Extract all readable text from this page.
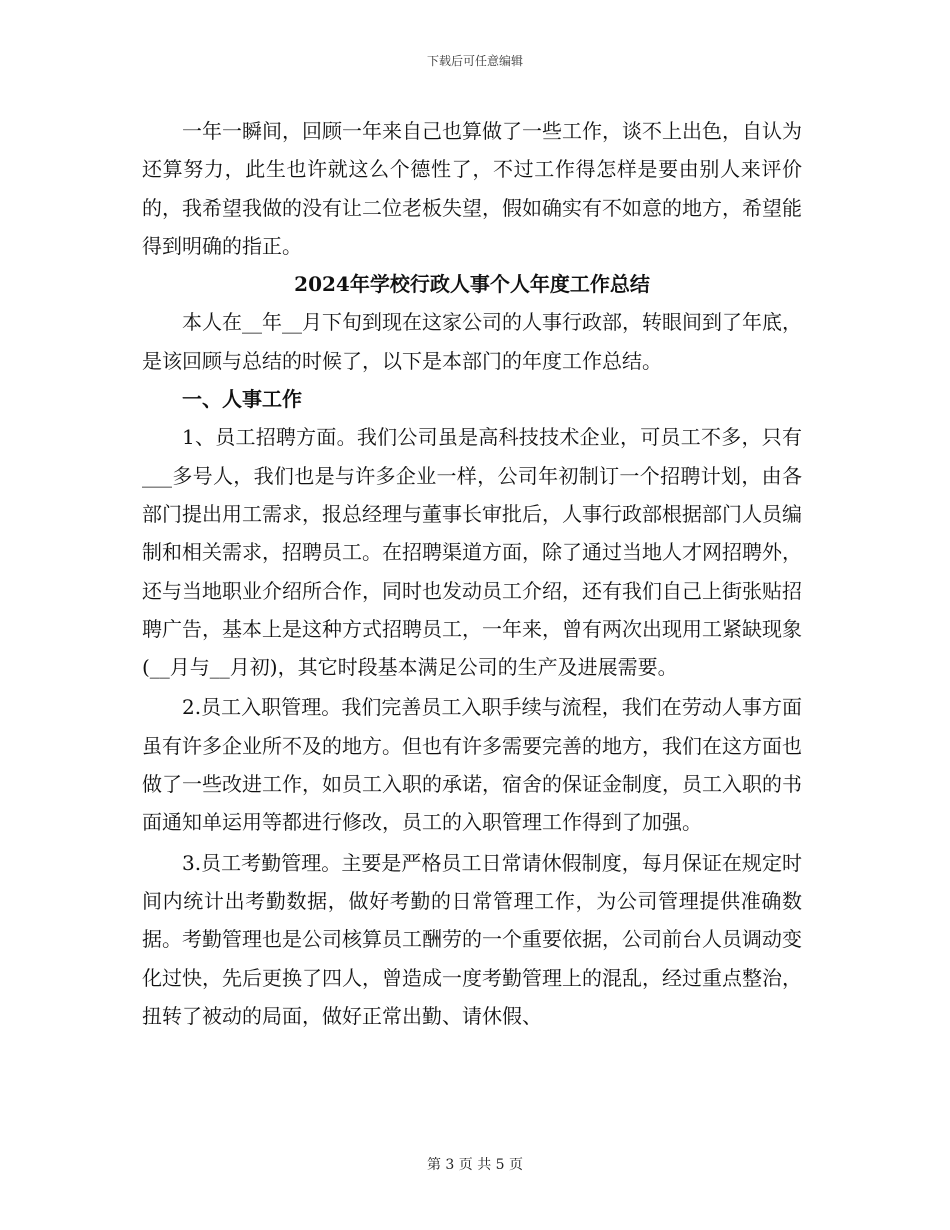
下载后可任意编辑

一年一瞬间，回顾一年来自己也算做了一些工作，谈不上出色，自认为还算努力，此生也许就这么个德性了，不过工作得怎样是要由别人来评价的，我希望我做的没有让二位老板失望，假如确实有不如意的地方，希望能得到明确的指正。

2024年学校行政人事个人年度工作总结

本人在__年__月下旬到现在这家公司的人事行政部，转眼间到了年底，是该回顾与总结的时候了，以下是本部门的年度工作总结。

一、人事工作

1、员工招聘方面。我们公司虽是高科技技术企业，可员工不多，只有___多号人，我们也是与许多企业一样，公司年初制订一个招聘计划，由各部门提出用工需求，报总经理与董事长审批后，人事行政部根据部门人员编制和相关需求，招聘员工。在招聘渠道方面，除了通过当地人才网招聘外，还与当地职业介绍所合作，同时也发动员工介绍，还有我们自己上街张贴招聘广告，基本上是这种方式招聘员工，一年来，曾有两次出现用工紧缺现象(__月与__月初)，其它时段基本满足公司的生产及进展需要。

2.员工入职管理。我们完善员工入职手续与流程，我们在劳动人事方面虽有许多企业所不及的地方。但也有许多需要完善的地方，我们在这方面也做了一些改进工作，如员工入职的承诺，宿舍的保证金制度，员工入职的书面通知单运用等都进行修改，员工的入职管理工作得到了加强。

3.员工考勤管理。主要是严格员工日常请休假制度，每月保证在规定时间内统计出考勤数据，做好考勤的日常管理工作，为公司管理提供准确数据。考勤管理也是公司核算员工酬劳的一个重要依据，公司前台人员调动变化过快，先后更换了四人，曾造成一度考勤管理上的混乱，经过重点整治，扭转了被动的局面，做好正常出勤、请休假、

第 3 页 共 5 页
